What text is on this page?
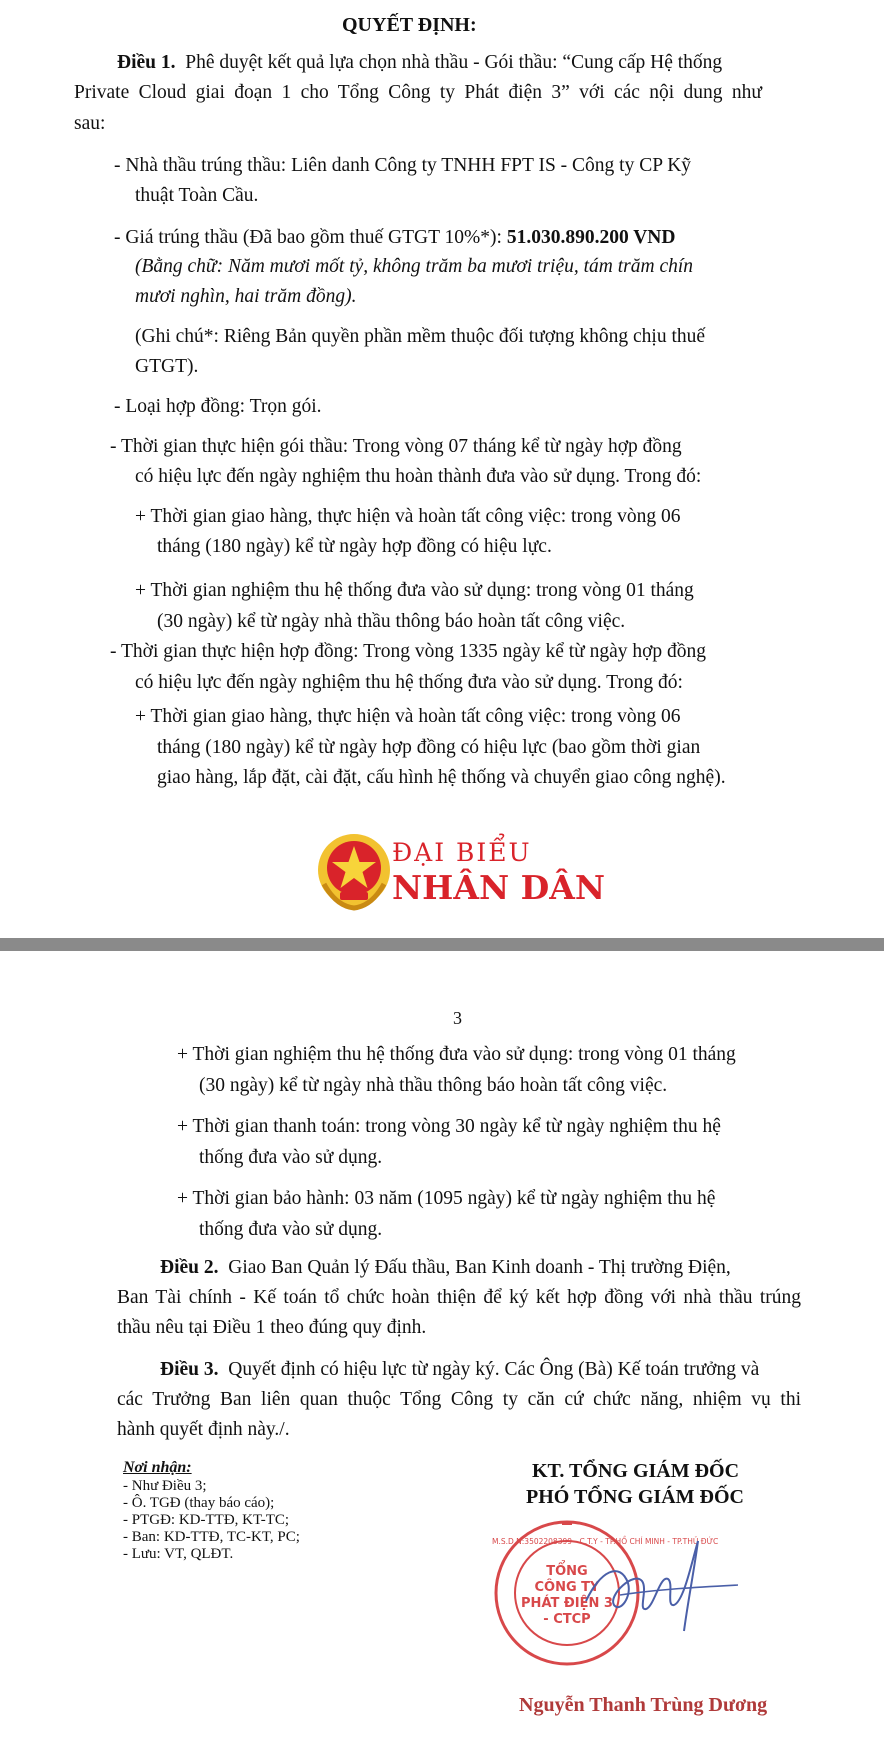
QUYẾT ĐỊNH:
Điều 1. Phê duyệt kết quả lựa chọn nhà thầu - Gói thầu: “Cung cấp Hệ thống
Private Cloud giai đoạn 1 cho Tổng Công ty Phát điện 3” với các nội dung như
sau:
- Nhà thầu trúng thầu: Liên danh Công ty TNHH FPT IS - Công ty CP Kỹ
thuật Toàn Cầu.
- Giá trúng thầu (Đã bao gồm thuế GTGT 10%*): 51.030.890.200 VND
(Bằng chữ: Năm mươi mốt tỷ, không trăm ba mươi triệu, tám trăm chín
mươi nghìn, hai trăm đồng).
(Ghi chú*: Riêng Bản quyền phần mềm thuộc đối tượng không chịu thuế
GTGT).
- Loại hợp đồng: Trọn gói.
- Thời gian thực hiện gói thầu: Trong vòng 07 tháng kể từ ngày hợp đồng
có hiệu lực đến ngày nghiệm thu hoàn thành đưa vào sử dụng. Trong đó:
+ Thời gian giao hàng, thực hiện và hoàn tất công việc: trong vòng 06
tháng (180 ngày) kể từ ngày hợp đồng có hiệu lực.
+ Thời gian nghiệm thu hệ thống đưa vào sử dụng: trong vòng 01 tháng
(30 ngày) kể từ ngày nhà thầu thông báo hoàn tất công việc.
- Thời gian thực hiện hợp đồng: Trong vòng 1335 ngày kể từ ngày hợp đồng
có hiệu lực đến ngày nghiệm thu hệ thống đưa vào sử dụng. Trong đó:
+ Thời gian giao hàng, thực hiện và hoàn tất công việc: trong vòng 06
tháng (180 ngày) kể từ ngày hợp đồng có hiệu lực (bao gồm thời gian
giao hàng, lắp đặt, cài đặt, cấu hình hệ thống và chuyển giao công nghệ).
ĐẠI BIỂU
NHÂN DÂN
3
+ Thời gian nghiệm thu hệ thống đưa vào sử dụng: trong vòng 01 tháng
(30 ngày) kể từ ngày nhà thầu thông báo hoàn tất công việc.
+ Thời gian thanh toán: trong vòng 30 ngày kể từ ngày nghiệm thu hệ
thống đưa vào sử dụng.
+ Thời gian bảo hành: 03 năm (1095 ngày) kể từ ngày nghiệm thu hệ
thống đưa vào sử dụng.
Điều 2. Giao Ban Quản lý Đấu thầu, Ban Kinh doanh - Thị trường Điện,
Ban Tài chính - Kế toán tổ chức hoàn thiện để ký kết hợp đồng với nhà thầu trúng
thầu nêu tại Điều 1 theo đúng quy định.
Điều 3. Quyết định có hiệu lực từ ngày ký. Các Ông (Bà) Kế toán trưởng và
các Trưởng Ban liên quan thuộc Tổng Công ty căn cứ chức năng, nhiệm vụ thi
hành quyết định này./.
Nơi nhận:
- Như Điều 3;
- Ô. TGĐ (thay báo cáo);
- PTGĐ: KD-TTĐ, KT-TC;
- Ban: KD-TTĐ, TC-KT, PC;
- Lưu: VT, QLĐT.
KT. TỔNG GIÁM ĐỐC
PHÓ TỔNG GIÁM ĐỐC
M.S.D.N:3502208399 - C.T.Y - TP.HỒ CHÍ MINH - TP.THỦ ĐỨC
TỔNG
CÔNG TY
PHÁT ĐIỆN 3
- CTCP
Nguyễn Thanh Trùng Dương
